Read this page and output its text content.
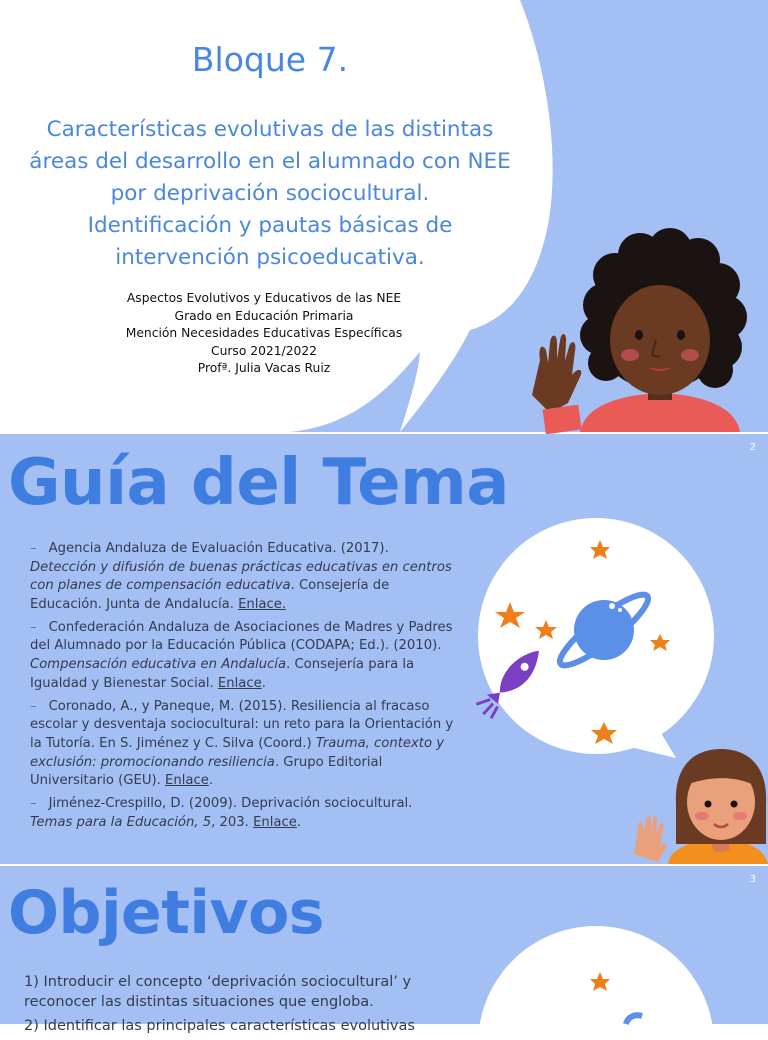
Bloque 7.
Características evolutivas de las distintas
áreas del desarrollo en el alumnado con NEE
por deprivación sociocultural.
Identificación y pautas básicas de
intervención psicoeducativa.
Aspectos Evolutivos y Educativos de las NEE
Grado en Educación Primaria
Mención Necesidades Educativas Específicas
Curso 2021/2022
Profª. Julia Vacas Ruiz
2
Guía del Tema

– Agencia Andaluza de Evaluación Educativa. (2017). Detección y difusión de buenas prácticas educativas en centros con planes de compensación educativa. Consejería de Educación. Junta de Andalucía. Enlace.

– Confederación Andaluza de Asociaciones de Madres y Padres del Alumnado por la Educación Pública (CODAPA; Ed.). (2010). Compensación educativa en Andalucía. Consejería para la Igualdad y Bienestar Social. Enlace.

– Coronado, A., y Paneque, M. (2015). Resiliencia al fracaso escolar y desventaja sociocultural: un reto para la Orientación y la Tutoría. En S. Jiménez y C. Silva (Coord.) Trauma, contexto y exclusión: promocionando resiliencia. Grupo Editorial Universitario (GEU). Enlace.

– Jiménez-Crespillo, D. (2009). Deprivación sociocultural. Temas para la Educación, 5, 203. Enlace.

3
Objetivos

1) Introducir el concepto ‘deprivación sociocultural’ y reconocer las distintas situaciones que engloba.

2) Identificar las principales características evolutivas
